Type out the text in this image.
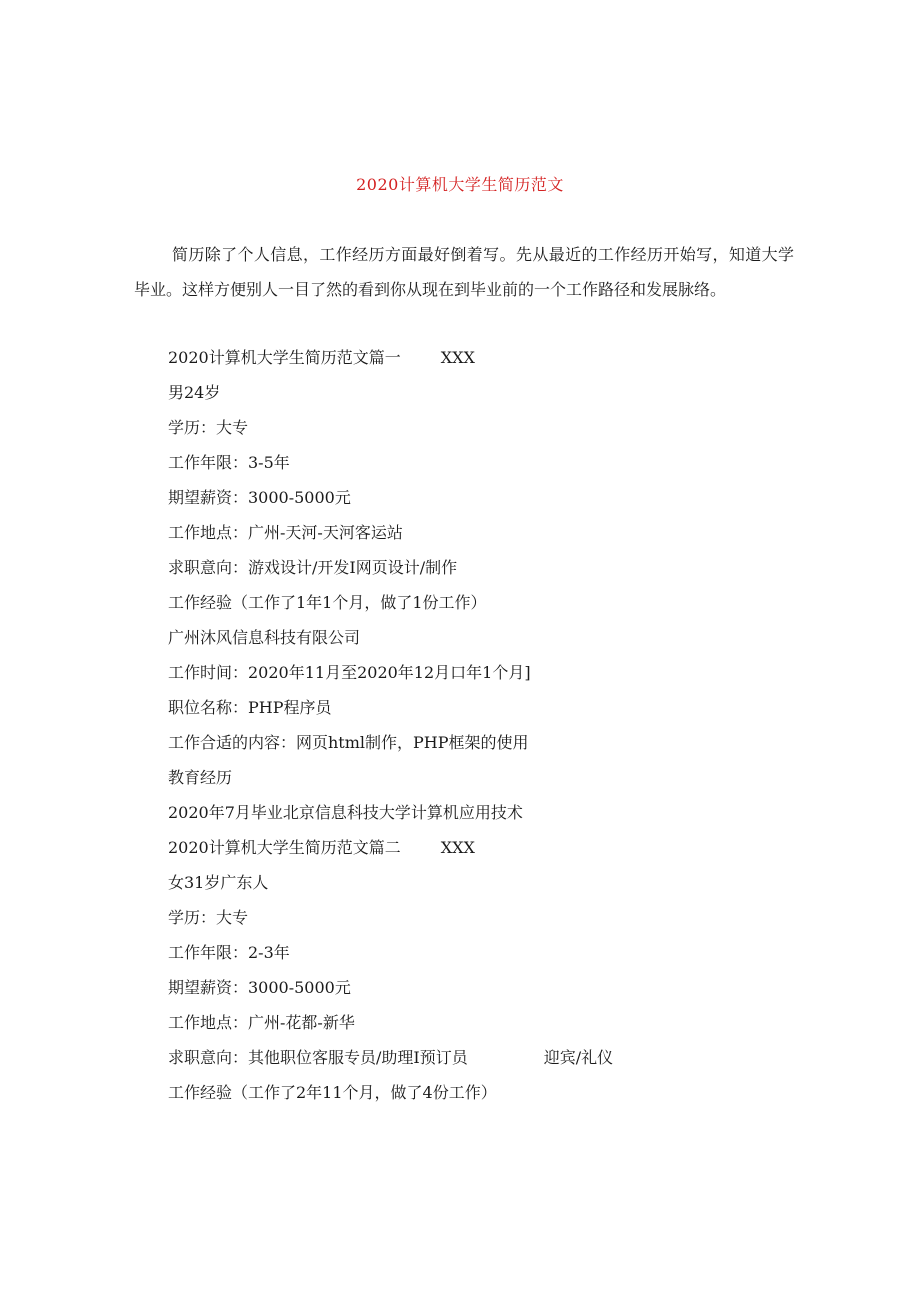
2020计算机大学生简历范文

简历除了个人信息，工作经历方面最好倒着写。先从最近的工作经历开始写，知道大学毕业。这样方便别人一目了然的看到你从现在到毕业前的一个工作路径和发展脉络。

2020计算机大学生简历范文篇一	XXX
男24岁
学历：大专
工作年限：3-5年
期望薪资：3000-5000元
工作地点：广州-天河-天河客运站
求职意向：游戏设计/开发I网页设计/制作
工作经验（工作了1年1个月，做了1份工作）
广州沐风信息科技有限公司
工作时间：2020年11月至2020年12月口年1个月]
职位名称：PHP程序员
工作合适的内容：网页html制作，PHP框架的使用
教育经历
2020年7月毕业北京信息科技大学计算机应用技术
2020计算机大学生简历范文篇二	XXX
女31岁广东人
学历：大专
工作年限：2-3年
期望薪资：3000-5000元
工作地点：广州-花都-新华
求职意向：其他职位客服专员/助理I预订员	迎宾/礼仪
工作经验（工作了2年11个月，做了4份工作）
